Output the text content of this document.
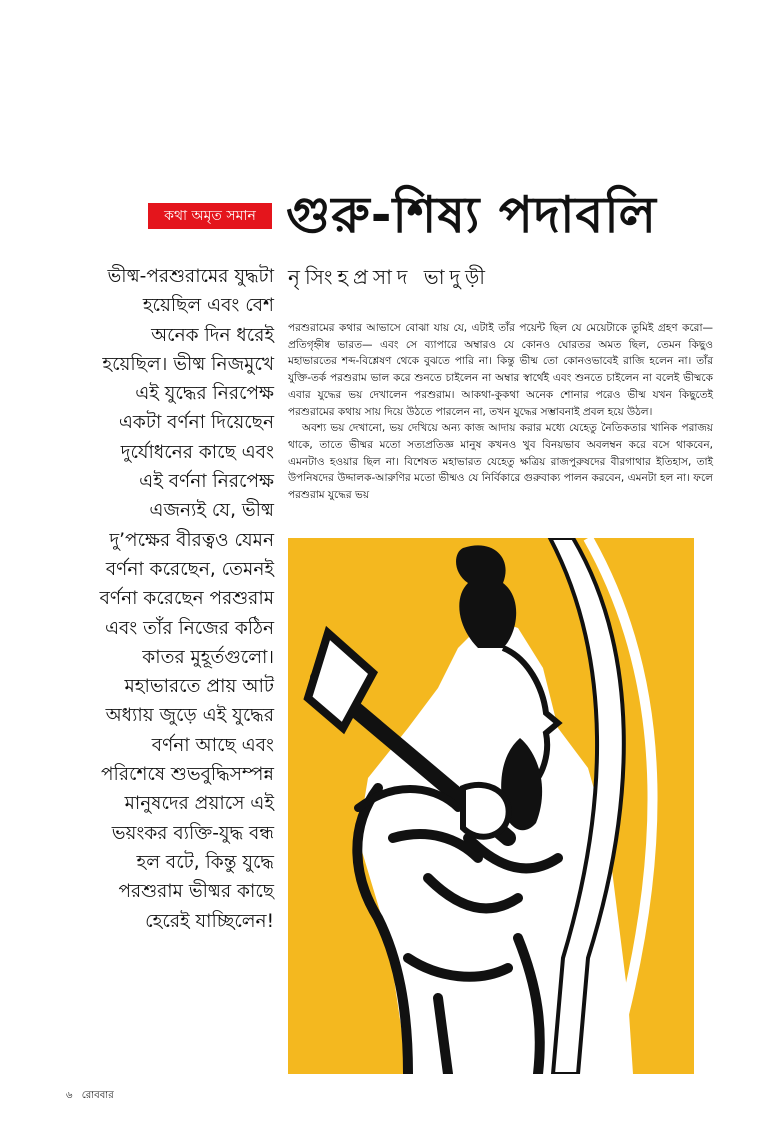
কথা অমৃত সমান গুরু-শিষ্য পদাবলি
নৃসিংহপ্রসাদ ভাদুড়ী
ভীষ্ম-পরশুরামের যুদ্ধটা
হয়েছিল এবং বেশ
অনেক দিন ধরেই
হয়েছিল। ভীষ্ম নিজমুখে
এই যুদ্ধের নিরপেক্ষ
একটা বর্ণনা দিয়েছেন
দুর্যোধনের কাছে এবং
এই বর্ণনা নিরপেক্ষ
এজন্যই যে, ভীষ্ম
দু’পক্ষের বীরত্বও যেমন
বর্ণনা করেছেন, তেমনই
বর্ণনা করেছেন পরশুরাম
এবং তাঁর নিজের কঠিন
কাতর মুহূর্তগুলো।
মহাভারতে প্রায় আট
অধ্যায় জুড়ে এই যুদ্ধের
বর্ণনা আছে এবং
পরিশেষে শুভবুদ্ধিসম্পন্ন
মানুষদের প্রয়াসে এই
ভয়ংকর ব্যক্তি-যুদ্ধ বন্ধ
হল বটে, কিন্তু যুদ্ধে
পরশুরাম ভীষ্মর কাছে
হেরেই যাচ্ছিলেন!

পরশুরামের কথার আভাসে বোঝা যায় যে, এটাই তাঁর পয়েন্ট ছিল যে মেয়েটাকে তুমিই গ্রহণ করো— প্রতিগৃহ্নীষ্ব ভারত— এবং সে ব্যাপারে অম্বারও যে কোনও ঘোরতর অমত ছিল, তেমন কিছুও মহাভারতের শব্দ-বিশ্লেষণ থেকে বুঝতে পারি না। কিন্তু ভীষ্ম তো কোনওভাবেই রাজি হলেন না। তাঁর যুক্তি-তর্ক পরশুরাম ভাল করে শুনতে চাইলেন না অম্বার স্বার্থেই এবং শুনতে চাইলেন না বলেই ভীষ্মকে এবার যুদ্ধের ভয় দেখালেন পরশুরাম। আকথা-কুকথা অনেক শোনার পরেও ভীষ্ম যখন কিছুতেই পরশুরামের কথায় সায় দিয়ে উঠতে পারলেন না, তখন যুদ্ধের সম্ভাবনাই প্রবল হয়ে উঠল।

অবশ্য ভয় দেখানো, ভয় দেখিয়ে অন্য কাজ আদায় করার মধ্যে যেহেতু নৈতিকতার খানিক পরাজয় থাকে, তাতে ভীষ্মর মতো সত্যপ্রতিজ্ঞ মানুষ কখনও খুব বিনয়ভাব অবলম্বন করে বসে থাকবেন, এমনটাও হওয়ার ছিল না। বিশেষত মহাভারত যেহেতু ক্ষত্রিয় রাজপুরুষদের বীরগাথার ইতিহাস, তাই উপনিষদের উদ্দালক-আরুণির মতো ভীষ্মও যে নির্বিকারে গুরুবাক্য পালন করবেন, এমনটা হল না। ফলে পরশুরাম যুদ্ধের ভয়

৬ রোববার
